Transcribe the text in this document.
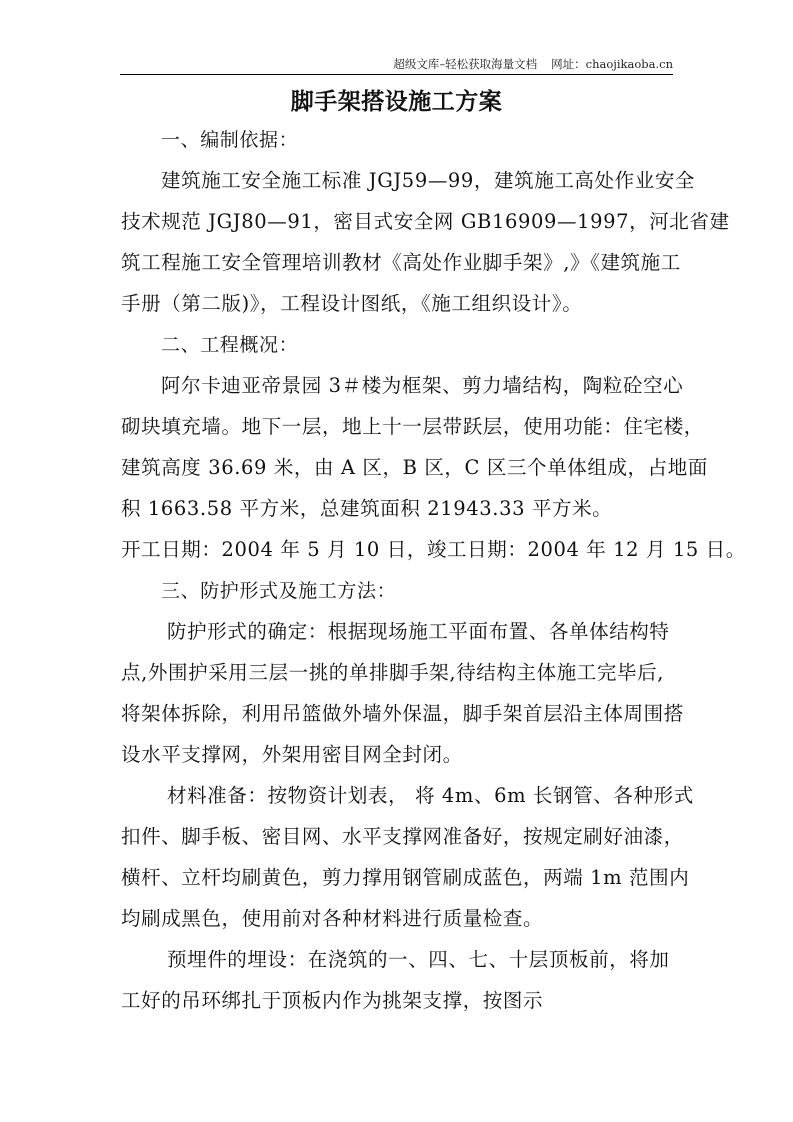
超级文库–轻松获取海量文档 网址：chaojikaoba.cn
脚手架搭设施工方案
一、编制依据：
建筑施工安全施工标准 JGJ59—99，建筑施工高处作业安全
技术规范 JGJ80—91，密目式安全网 GB16909—1997，河北省建
筑工程施工安全管理培训教材《高处作业脚手架》,》《建筑施工
手册（第二版)》，工程设计图纸，《施工组织设计》。
二、工程概况：
阿尔卡迪亚帝景园 3＃楼为框架、剪力墙结构，陶粒砼空心
砌块填充墙。地下一层，地上十一层带跃层，使用功能：住宅楼，
建筑高度 36.69 米，由 A 区，B 区，C 区三个单体组成，占地面
积 1663.58 平方米，总建筑面积 21943.33 平方米。
开工日期：2004 年 5 月 10 日，竣工日期：2004 年 12 月 15 日。
三、防护形式及施工方法：
防护形式的确定：根据现场施工平面布置、各单体结构特
点,外围护采用三层一挑的单排脚手架,待结构主体施工完毕后,
将架体拆除，利用吊篮做外墙外保温，脚手架首层沿主体周围搭
设水平支撑网，外架用密目网全封闭。
材料准备：按物资计划表， 将 4m、6m 长钢管、各种形式
扣件、脚手板、密目网、水平支撑网准备好，按规定刷好油漆，
横杆、立杆均刷黄色，剪力撑用钢管刷成蓝色，两端 1m 范围内
均刷成黑色，使用前对各种材料进行质量检查。
预埋件的埋设：在浇筑的一、四、七、十层顶板前，将加
工好的吊环绑扎于顶板内作为挑架支撑，按图示
